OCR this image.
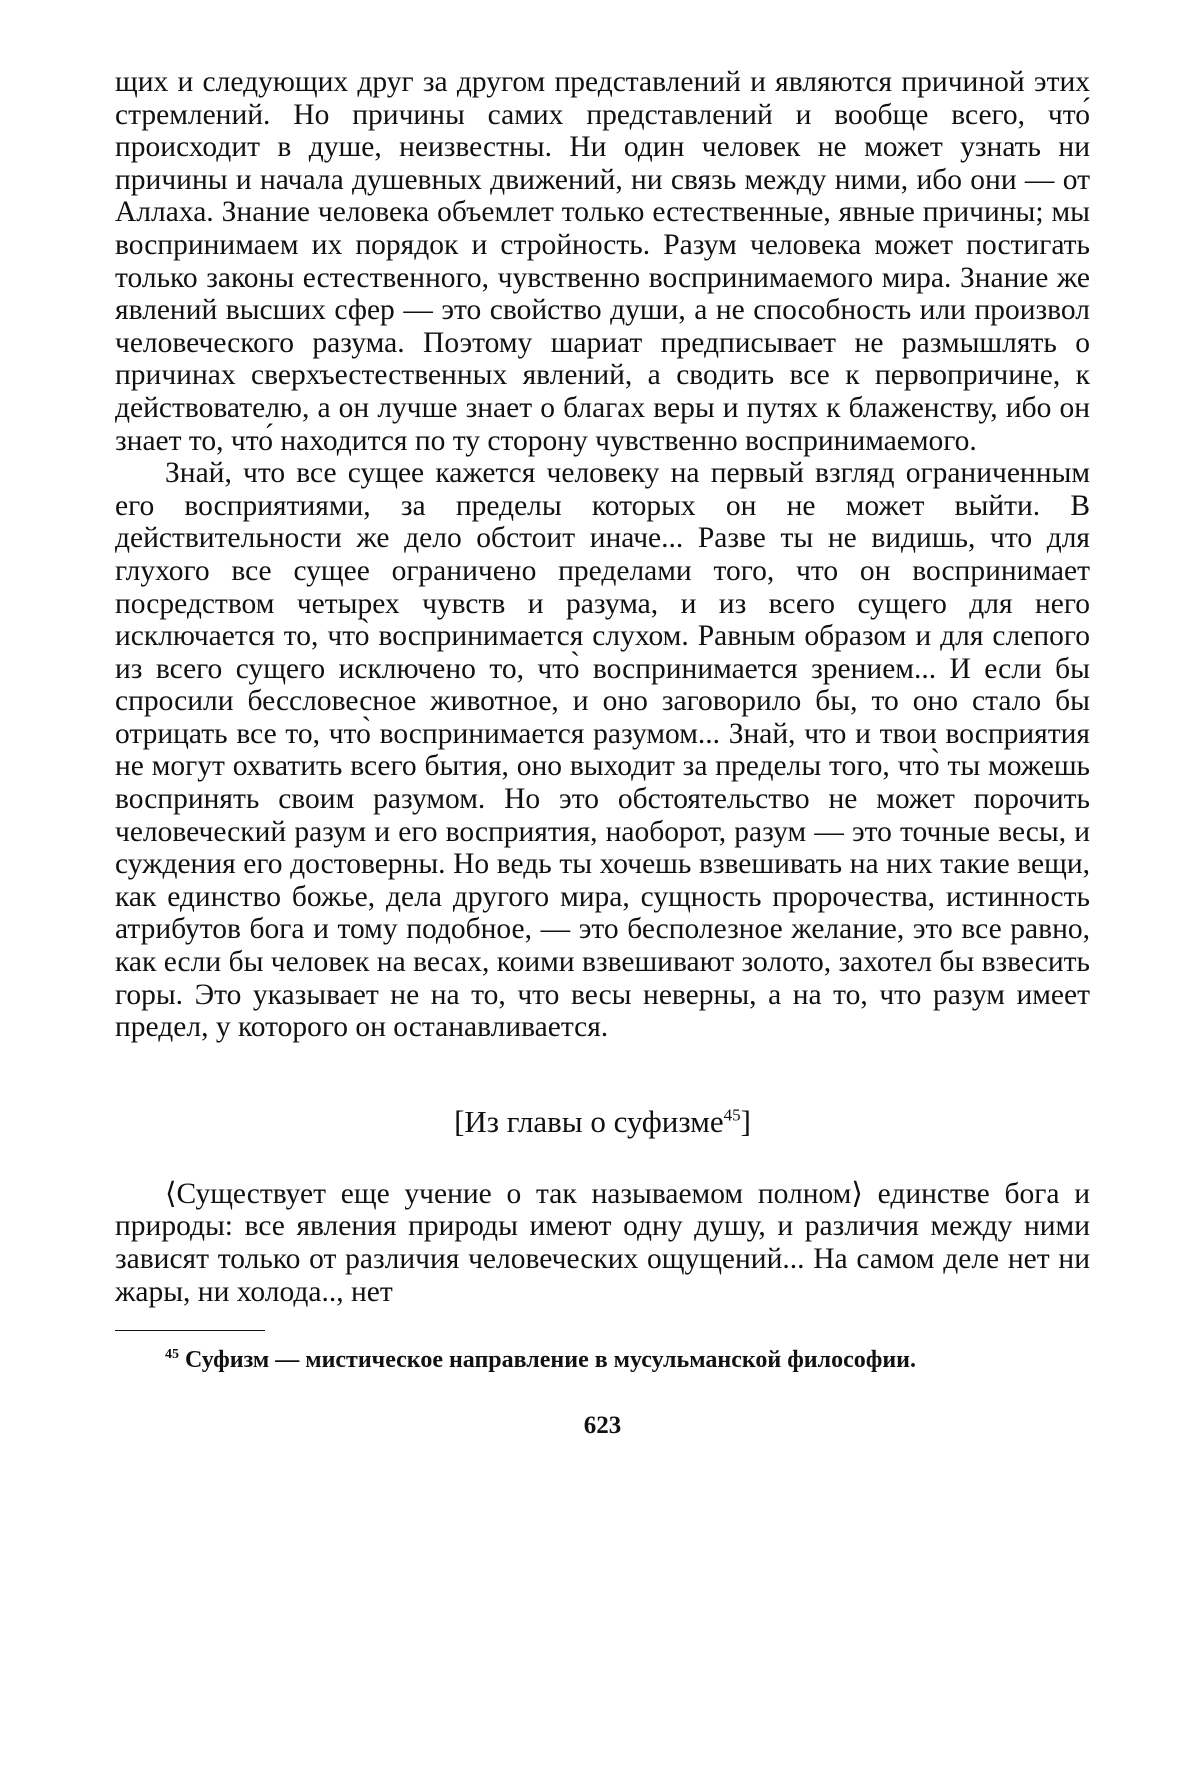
щих и следующих друг за другом представлений и являются причиной этих стремлений. Но причины самих представлений и вообще всего, что́ происходит в душе, неизвестны. Ни один человек не может узнать ни причины и начала душевных движений, ни связь между ними, ибо они — от Аллаха. Знание человека объемлет только естественные, явные причины; мы воспринимаем их порядок и стройность. Разум человека может постигать только законы естественного, чувственно воспринимаемого мира. Знание же явлений высших сфер — это свойство души, а не способность или произвол человеческого разума. Поэтому шариат предписывает не размышлять о причинах сверхъестественных явлений, а сводить все к первопричине, к действователю, а он лучше знает о благах веры и путях к блаженству, ибо он знает то, что́ находится по ту сторону чувственно воспринимаемого.

Знай, что все сущее кажется человеку на первый взгляд ограниченным его восприятиями, за пределы которых он не может выйти. В действительности же дело обстоит иначе... Разве ты не видишь, что для глухого все сущее ограничено пределами того, что он воспринимает посредством четырех чувств и разума, и из всего сущего для него исключается то, что̀ воспринимается слухом. Равным образом и для слепого из всего сущего исключено то, что̀ воспринимается зрением... И если бы спросили бессловесное животное, и оно заговорило бы, то оно стало бы отрицать все то, что̀ воспринимается разумом... Знай, что и твои восприятия не могут охватить всего бытия, оно выходит за пределы того, что̀ ты можешь воспринять своим разумом. Но это обстоятельство не может порочить человеческий разум и его восприятия, наоборот, разум — это точные весы, и суждения его достоверны. Но ведь ты хочешь взвешивать на них такие вещи, как единство божье, дела другого мира, сущность пророчества, истинность атрибутов бога и тому подобное, — это бесполезное желание, это все равно, как если бы человек на весах, коими взвешивают золото, захотел бы взвесить горы. Это указывает не на то, что весы неверны, а на то, что разум имеет предел, у которого он останавливается.

[Из главы о суфизме$^{45}$]

⟨Существует еще учение о так называемом полном⟩ единстве бога и природы: все явления природы имеют одну душу, и различия между ними зависят только от различия человеческих ощущений... На самом деле нет ни жары, ни холода.., нет

$^{45}$ Суфизм — мистическое направление в мусульманской философии.

623
